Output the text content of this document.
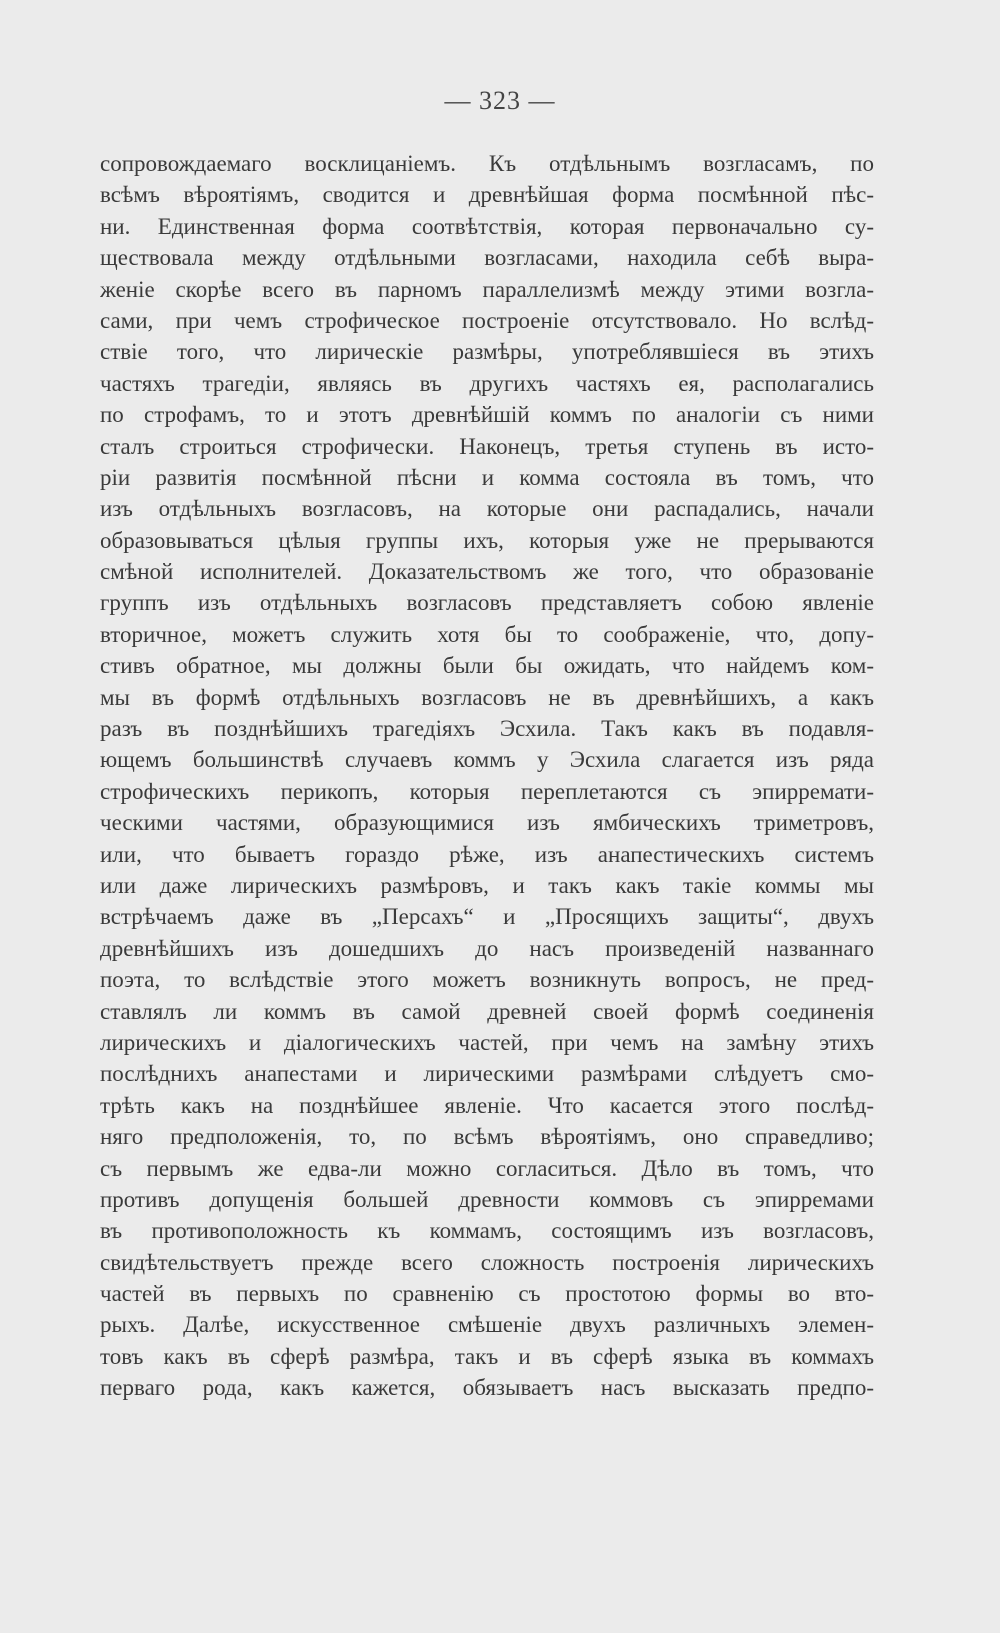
— 323 —
сопровождаемаго восклицаніемъ. Къ отдѣльнымъ возгласамъ, по
всѣмъ вѣроятіямъ, сводится и древнѣйшая форма посмѣнной пѣс-
ни. Единственная форма соотвѣтствія, которая первоначально су-
ществовала между отдѣльными возгласами, находила себѣ выра-
женіе скорѣе всего въ парномъ параллелизмѣ между этими возгла-
сами, при чемъ строфическое построеніе отсутствовало. Но вслѣд-
ствіе того, что лирическіе размѣры, употреблявшіеся въ этихъ
частяхъ трагедіи, являясь въ другихъ частяхъ ея, располагались
по строфамъ, то и этотъ древнѣйшій коммъ по аналогіи съ ними
сталъ строиться строфически. Наконецъ, третья ступень въ исто-
ріи развитія посмѣнной пѣсни и комма состояла въ томъ, что
изъ отдѣльныхъ возгласовъ, на которые они распадались, начали
образовываться цѣлыя группы ихъ, которыя уже не прерываются
смѣной исполнителей. Доказательствомъ же того, что образованіе
группъ изъ отдѣльныхъ возгласовъ представляетъ собою явленіе
вторичное, можетъ служить хотя бы то соображеніе, что, допу-
стивъ обратное, мы должны были бы ожидать, что найдемъ ком-
мы въ формѣ отдѣльныхъ возгласовъ не въ древнѣйшихъ, а какъ
разъ въ позднѣйшихъ трагедіяхъ Эсхила. Такъ какъ въ подавля-
ющемъ большинствѣ случаевъ коммъ у Эсхила слагается изъ ряда
строфическихъ перикопъ, которыя переплетаются съ эпирремати-
ческими частями, образующимися изъ ямбическихъ триметровъ,
или, что бываетъ гораздо рѣже, изъ анапестическихъ системъ
или даже лирическихъ размѣровъ, и такъ какъ такіе коммы мы
встрѣчаемъ даже въ „Персахъ“ и „Просящихъ защиты“, двухъ
древнѣйшихъ изъ дошедшихъ до насъ произведеній названнаго
поэта, то вслѣдствіе этого можетъ возникнуть вопросъ, не пред-
ставлялъ ли коммъ въ самой древней своей формѣ соединенія
лирическихъ и діалогическихъ частей, при чемъ на замѣну этихъ
послѣднихъ анапестами и лирическими размѣрами слѣдуетъ смо-
трѣть какъ на позднѣйшее явленіе. Что касается этого послѣд-
няго предположенія, то, по всѣмъ вѣроятіямъ, оно справедливо;
съ первымъ же едва-ли можно согласиться. Дѣло въ томъ, что
противъ допущенія большей древности коммовъ съ эпирремами
въ противоположность къ коммамъ, состоящимъ изъ возгласовъ,
свидѣтельствуетъ прежде всего сложность построенія лирическихъ
частей въ первыхъ по сравненію съ простотою формы во вто-
рыхъ. Далѣе, искусственное смѣшеніе двухъ различныхъ элемен-
товъ какъ въ сферѣ размѣра, такъ и въ сферѣ языка въ коммахъ
перваго рода, какъ кажется, обязываетъ насъ высказать предпо-
